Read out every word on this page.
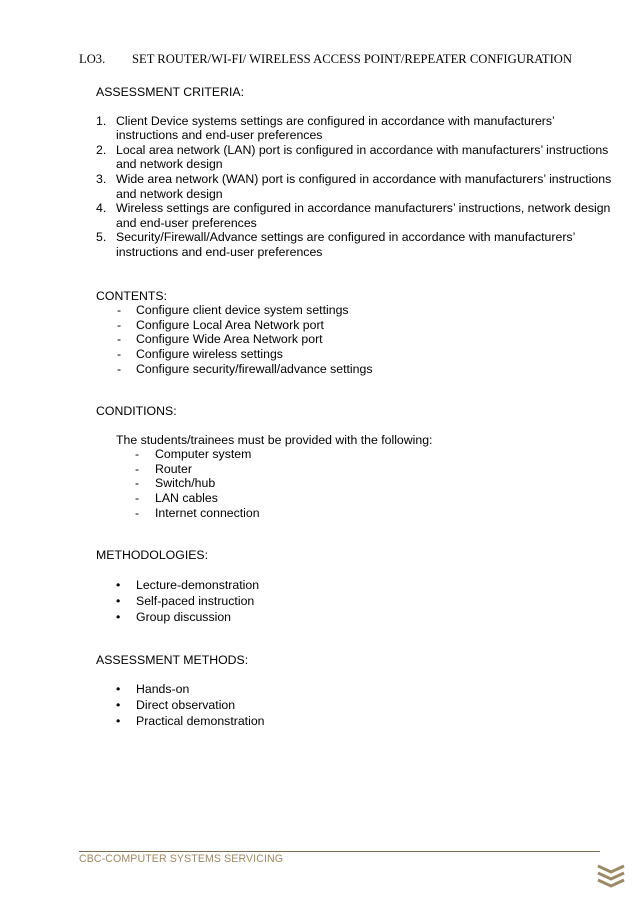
LO3. SET ROUTER/WI-FI/ WIRELESS ACCESS POINT/REPEATER CONFIGURATION

ASSESSMENT CRITERIA:

1. Client Device systems settings are configured in accordance with manufacturers’ instructions and end-user preferences
2. Local area network (LAN) port is configured in accordance with manufacturers’ instructions and network design
3. Wide area network (WAN) port is configured in accordance with manufacturers’ instructions and network design
4. Wireless settings are configured in accordance manufacturers’ instructions, network design and end-user preferences
5. Security/Firewall/Advance settings are configured in accordance with manufacturers’ instructions and end-user preferences

CONTENTS:

- Configure client device system settings
- Configure Local Area Network port
- Configure Wide Area Network port
- Configure wireless settings
- Configure security/firewall/advance settings

CONDITIONS:

The students/trainees must be provided with the following:

- Computer system
- Router
- Switch/hub
- LAN cables
- Internet connection

METHODOLOGIES:

• Lecture-demonstration
• Self-paced instruction
• Group discussion

ASSESSMENT METHODS:

• Hands-on
• Direct observation
• Practical demonstration
CBC-COMPUTER SYSTEMS SERVICING
